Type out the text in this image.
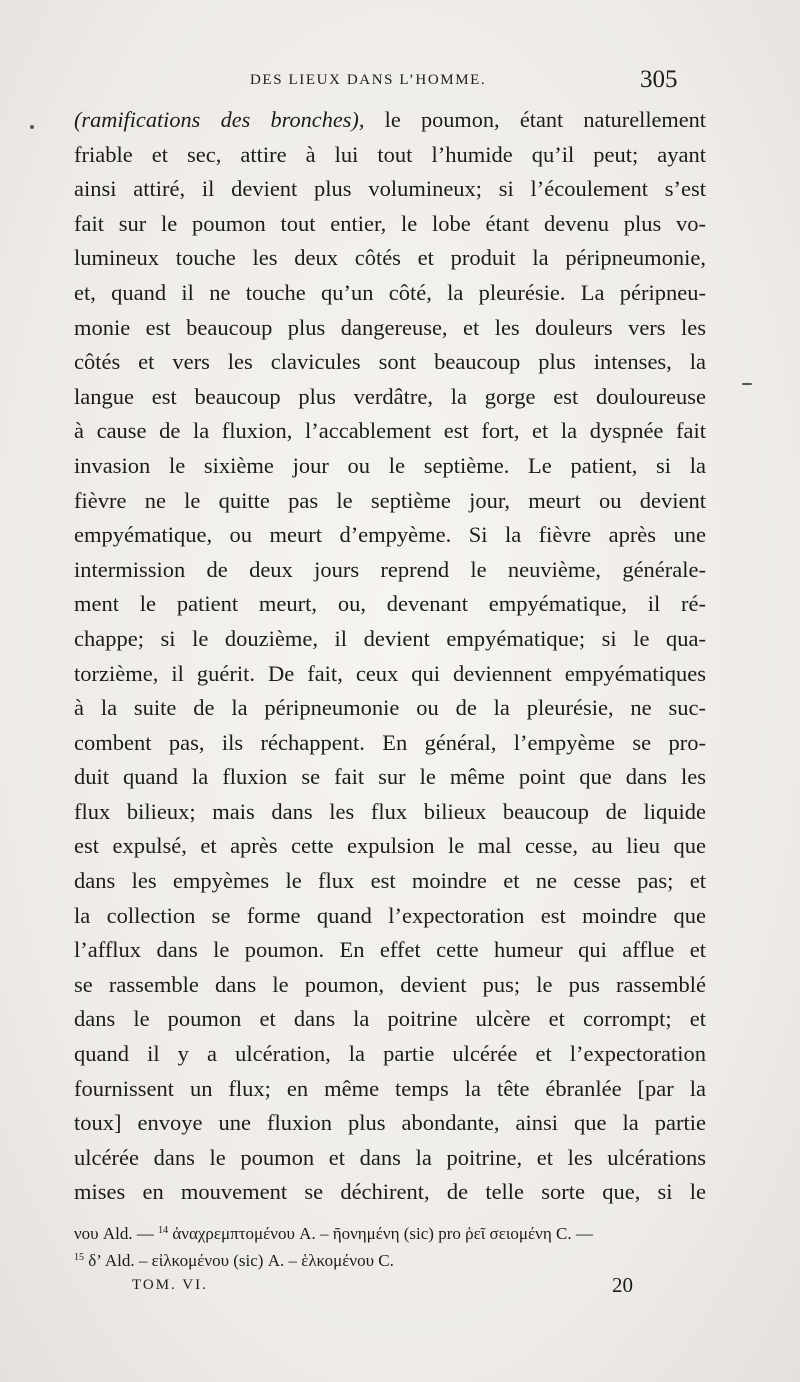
DES LIEUX DANS L’HOMME.	305
(ramifications des bronches), le poumon, étant naturellement
friable et sec, attire à lui tout l’humide qu’il peut; ayant
ainsi attiré, il devient plus volumineux; si l’écoulement s’est
fait sur le poumon tout entier, le lobe étant devenu plus vo-
lumineux touche les deux côtés et produit la péripneumonie,
et, quand il ne touche qu’un côté, la pleurésie. La péripneu-
monie est beaucoup plus dangereuse, et les douleurs vers les
côtés et vers les clavicules sont beaucoup plus intenses, la
langue est beaucoup plus verdâtre, la gorge est douloureuse
à cause de la fluxion, l’accablement est fort, et la dyspnée fait
invasion le sixième jour ou le septième. Le patient, si la
fièvre ne le quitte pas le septième jour, meurt ou devient
empyématique, ou meurt d’empyème. Si la fièvre après une
intermission de deux jours reprend le neuvième, générale-
ment le patient meurt, ou, devenant empyématique, il ré-
chappe; si le douzième, il devient empyématique; si le qua-
torzième, il guérit. De fait, ceux qui deviennent empyématiques
à la suite de la péripneumonie ou de la pleurésie, ne suc-
combent pas, ils réchappent. En général, l’empyème se pro-
duit quand la fluxion se fait sur le même point que dans les
flux bilieux; mais dans les flux bilieux beaucoup de liquide
est expulsé, et après cette expulsion le mal cesse, au lieu que
dans les empyèmes le flux est moindre et ne cesse pas; et
la collection se forme quand l’expectoration est moindre que
l’afflux dans le poumon. En effet cette humeur qui afflue et
se rassemble dans le poumon, devient pus; le pus rassemblé
dans le poumon et dans la poitrine ulcère et corrompt; et
quand il y a ulcération, la partie ulcérée et l’expectoration
fournissent un flux; en même temps la tête ébranlée [par la
toux] envoye une fluxion plus abondante, ainsi que la partie
ulcérée dans le poumon et dans la poitrine, et les ulcérations
mises en mouvement se déchirent, de telle sorte que, si le
νου Ald. — $^{14}$ ἀναχρεμπτομένου A. – ῆονημένη (sic) pro ῥεῖ σειομένη C. —
$^{15}$ δ’ Ald. – εἰλκομένου (sic) A. – ἑλκομένου C.
TOM. VI.	20
